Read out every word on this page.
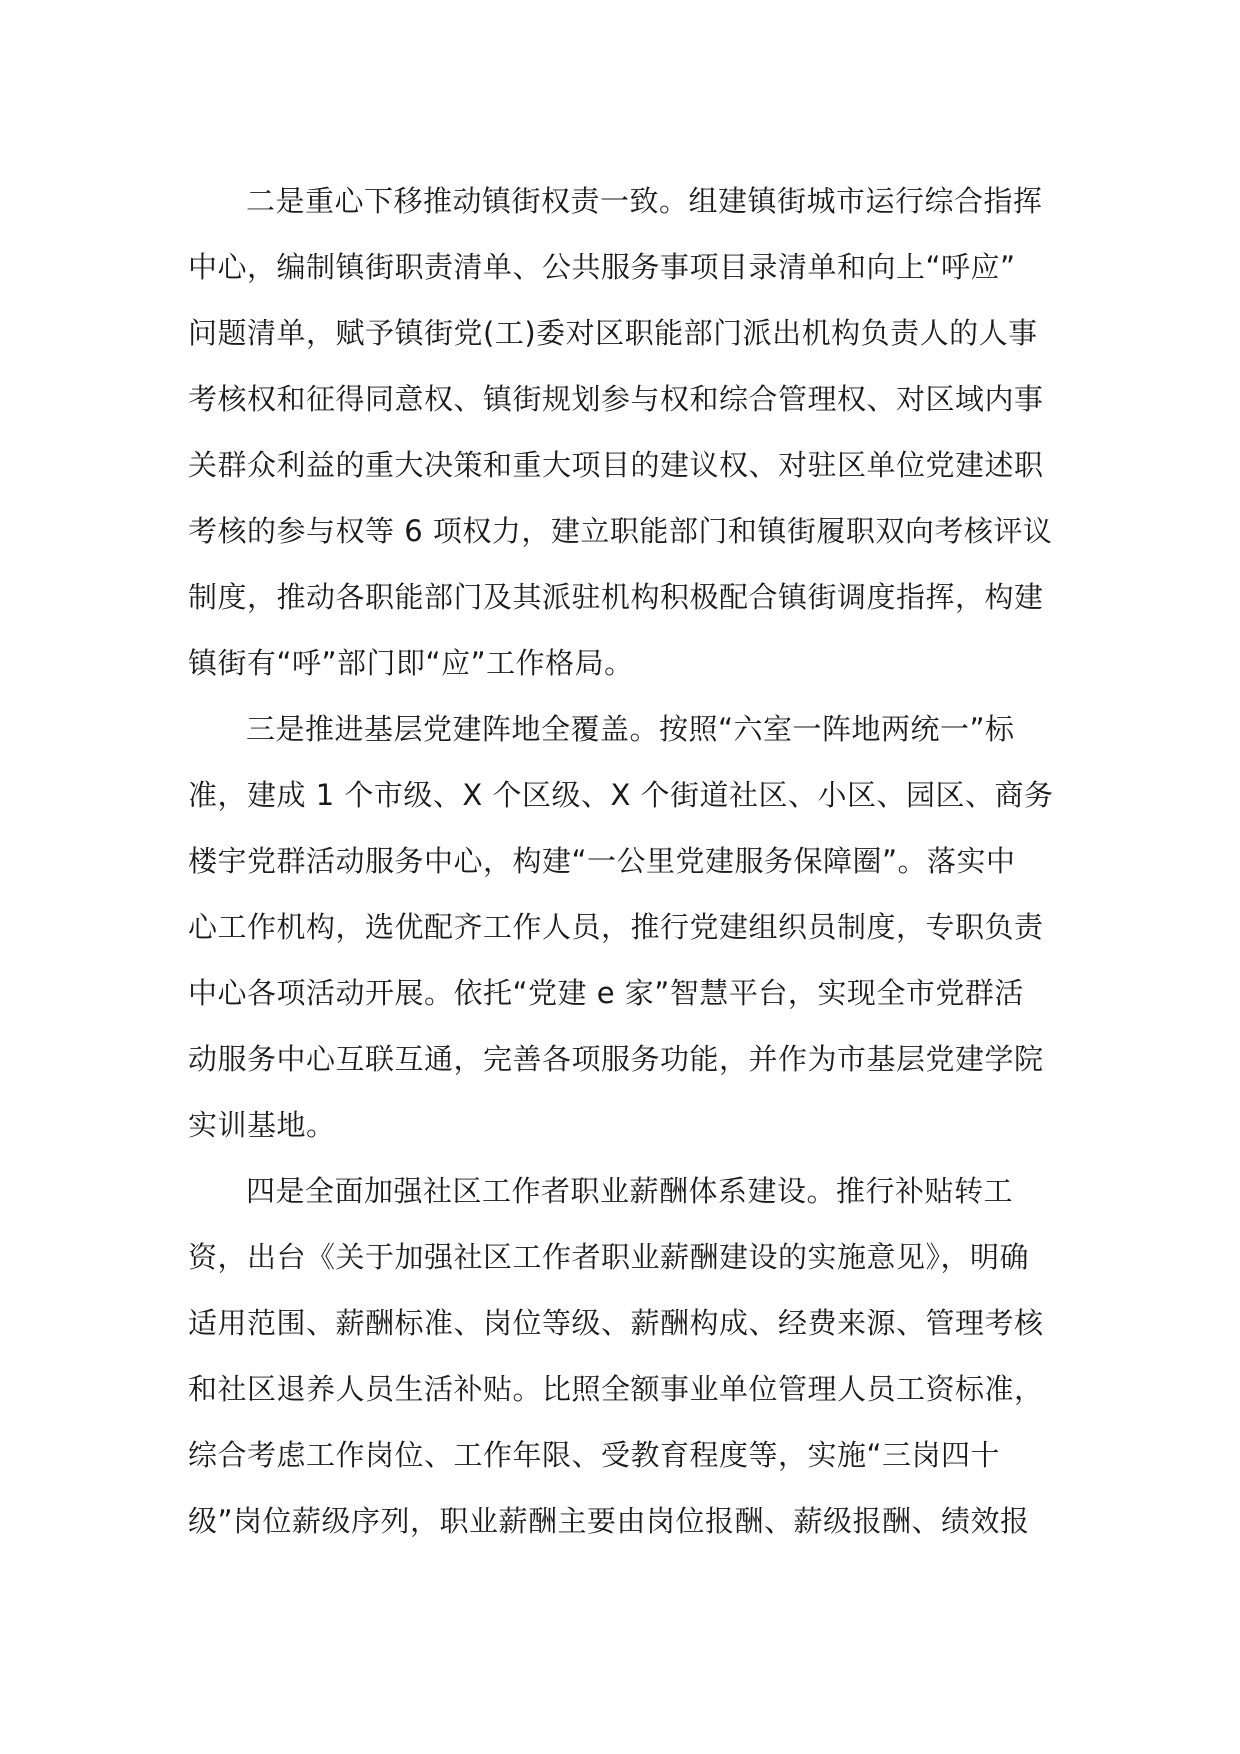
二是重心下移推动镇街权责一致。组建镇街城市运行综合指挥
中心，编制镇街职责清单、公共服务事项目录清单和向上“呼应”
问题清单，赋予镇街党(工)委对区职能部门派出机构负责人的人事
考核权和征得同意权、镇街规划参与权和综合管理权、对区域内事
关群众利益的重大决策和重大项目的建议权、对驻区单位党建述职
考核的参与权等 6 项权力，建立职能部门和镇街履职双向考核评议
制度，推动各职能部门及其派驻机构积极配合镇街调度指挥，构建
镇街有“呼”部门即“应”工作格局。
三是推进基层党建阵地全覆盖。按照“六室一阵地两统一”标
准，建成 1 个市级、X 个区级、X 个街道社区、小区、园区、商务
楼宇党群活动服务中心，构建“一公里党建服务保障圈”。落实中
心工作机构，选优配齐工作人员，推行党建组织员制度，专职负责
中心各项活动开展。依托“党建 e 家”智慧平台，实现全市党群活
动服务中心互联互通，完善各项服务功能，并作为市基层党建学院
实训基地。
四是全面加强社区工作者职业薪酬体系建设。推行补贴转工
资，出台《关于加强社区工作者职业薪酬建设的实施意见》，明确
适用范围、薪酬标准、岗位等级、薪酬构成、经费来源、管理考核
和社区退养人员生活补贴。比照全额事业单位管理人员工资标准，
综合考虑工作岗位、工作年限、受教育程度等，实施“三岗四十
级”岗位薪级序列，职业薪酬主要由岗位报酬、薪级报酬、绩效报
